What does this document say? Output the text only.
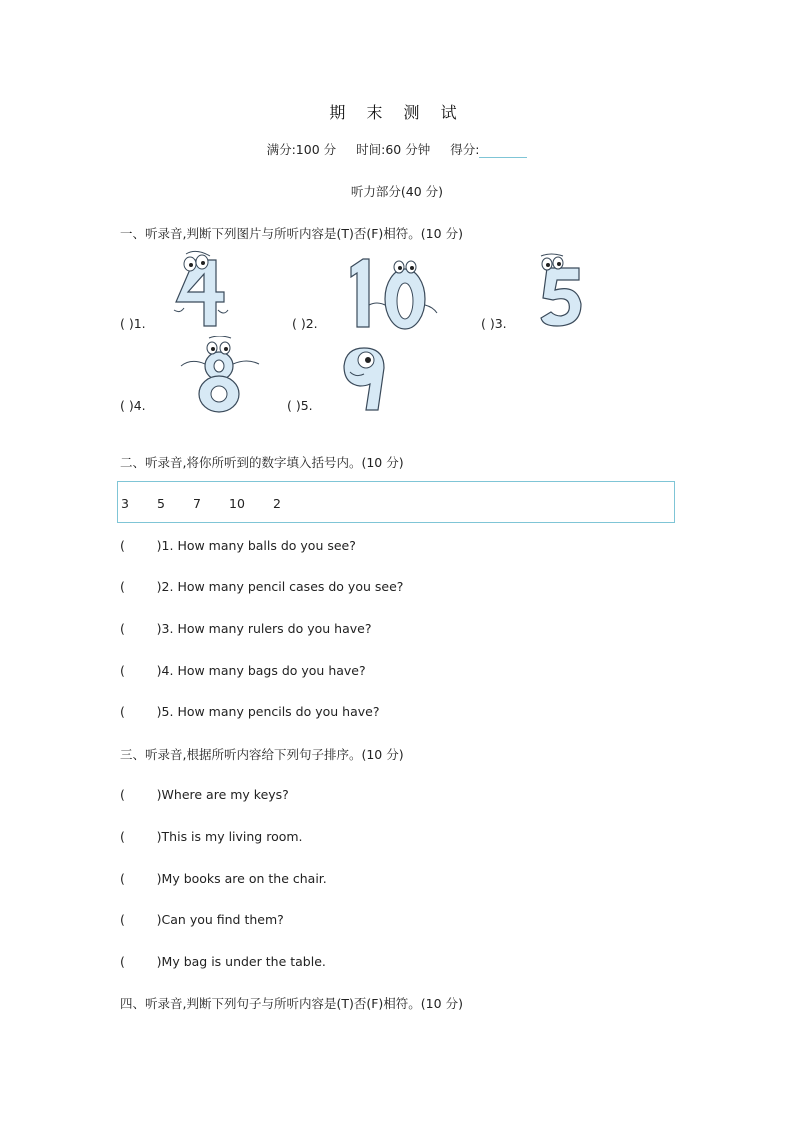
期 末 测 试
满分:100 分 时间:60 分钟 得分:
听力部分(40 分)
一、听录音,判断下列图片与所听内容是(T)否(F)相符。(10 分)
( )1.	( )2.	( )3.
( )4.	( )5.
二、听录音,将你所听到的数字填入括号内。(10 分)
3 5 7 10 2
(        )1. How many balls do you see?
(        )2. How many pencil cases do you see?
(        )3. How many rulers do you have?
(        )4. How many bags do you have?
(        )5. How many pencils do you have?
三、听录音,根据所听内容给下列句子排序。(10 分)
(        )Where are my keys?
(        )This is my living room.
(        )My books are on the chair.
(        )Can you find them?
(        )My bag is under the table.
四、听录音,判断下列句子与所听内容是(T)否(F)相符。(10 分)
